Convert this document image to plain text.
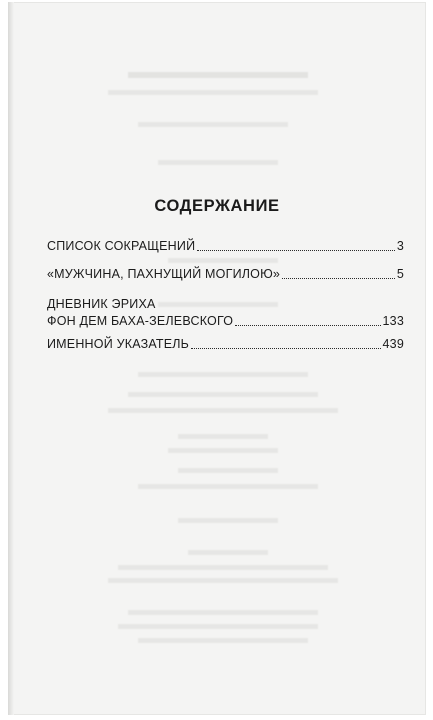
СОДЕРЖАНИЕ
СПИСОК СОКРАЩЕНИЙ	3
«МУЖЧИНА, ПАХНУЩИЙ МОГИЛОЮ»	5
ДНЕВНИК ЭРИХА
ФОН ДЕМ БАХА-ЗЕЛЕВСКОГО	133
ИМЕННОЙ УКАЗАТЕЛЬ	439
